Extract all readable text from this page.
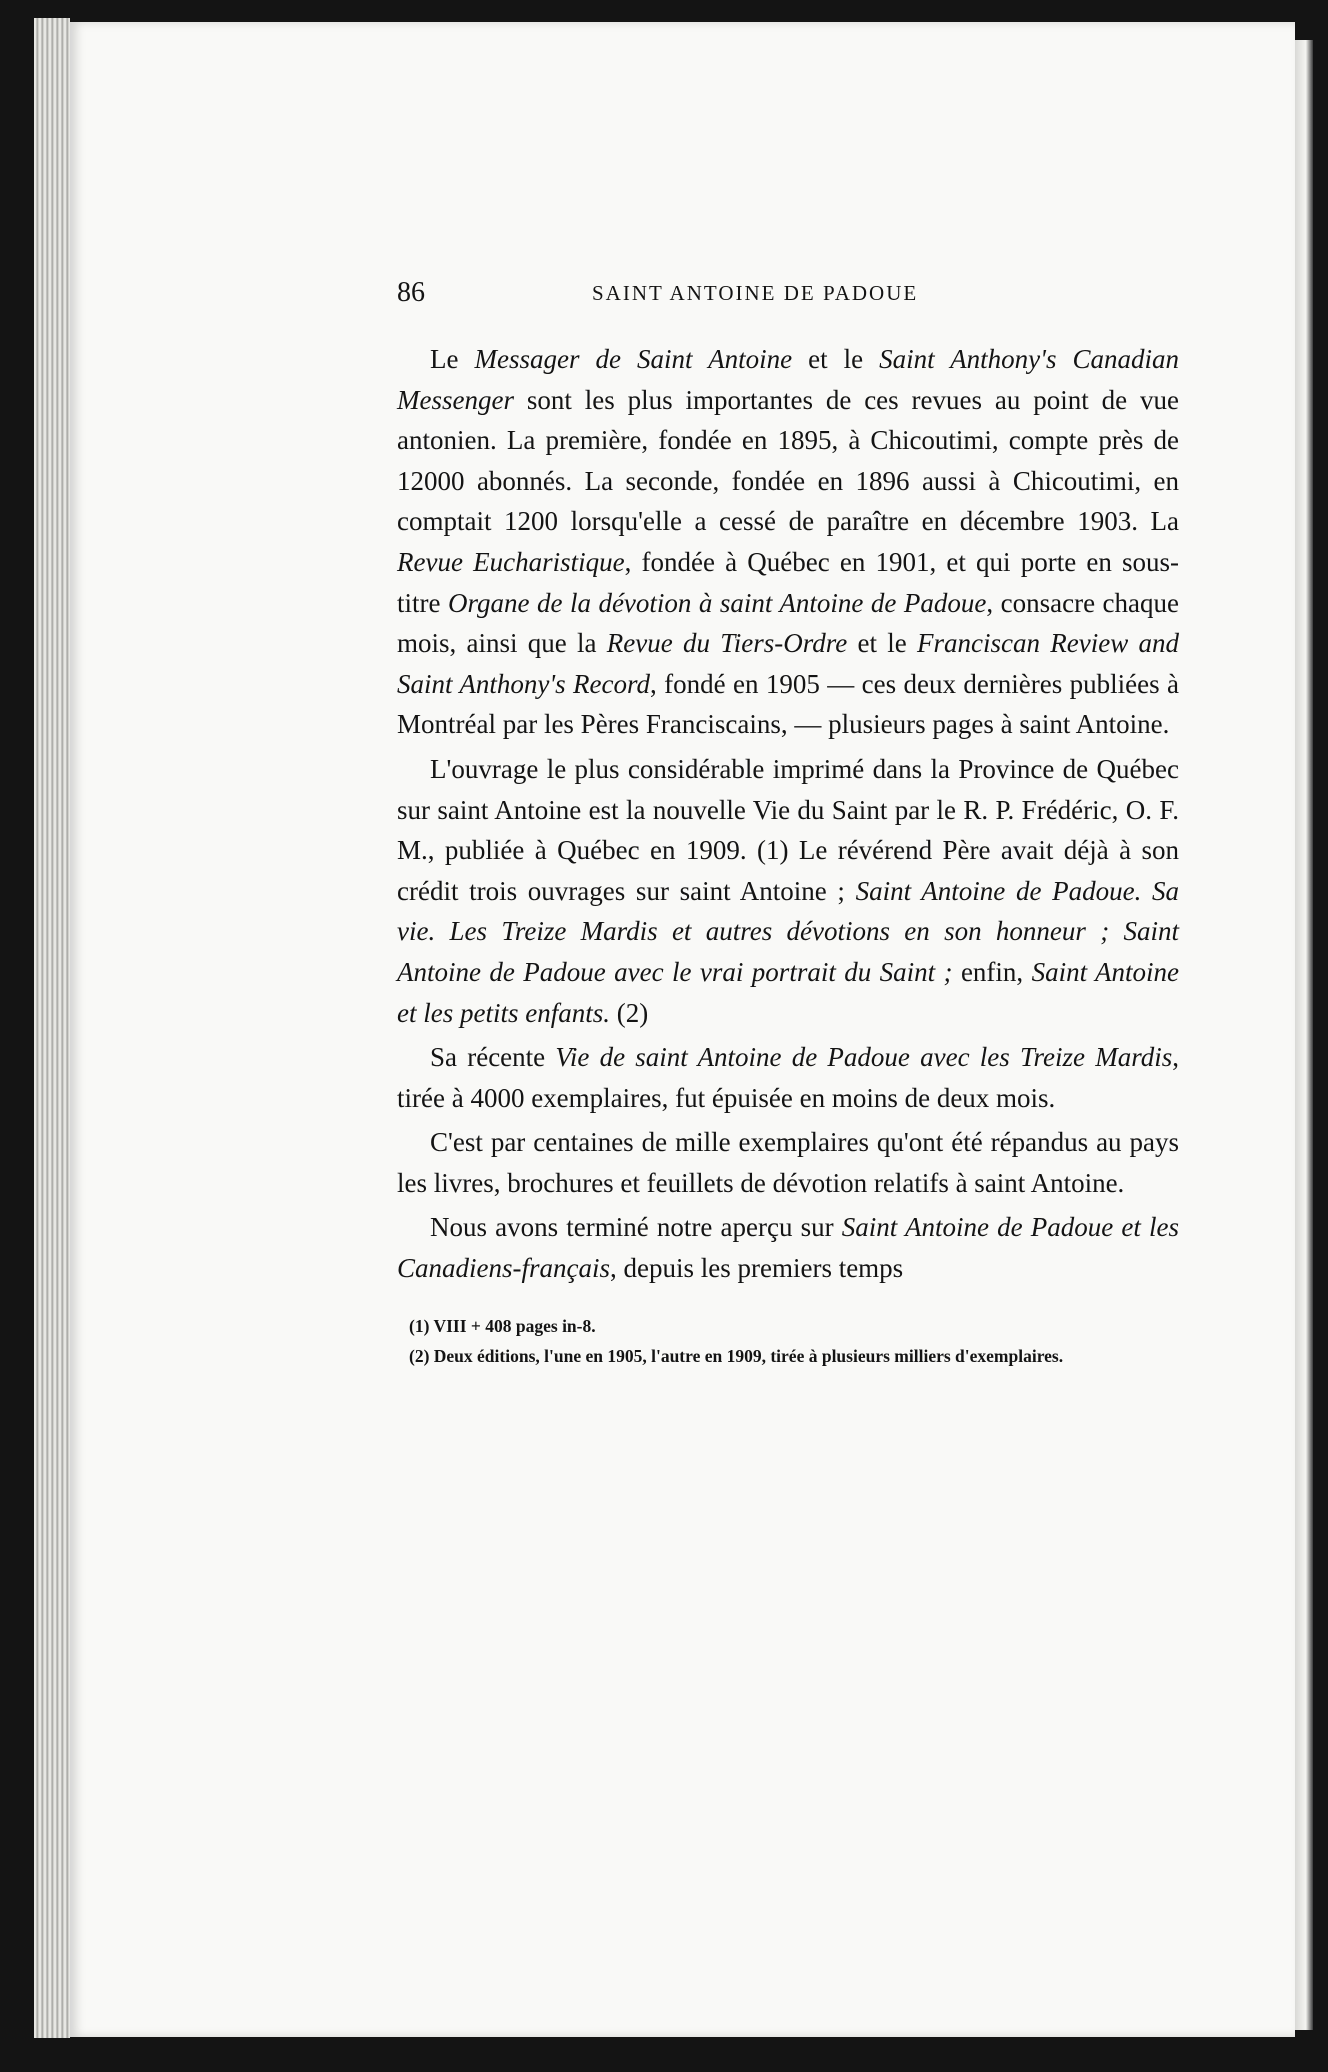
86	SAINT ANTOINE DE PADOUE

Le Messager de Saint Antoine et le Saint Anthony's Canadian Messenger sont les plus importantes de ces revues au point de vue antonien. La première, fondée en 1895, à Chicoutimi, compte près de 12000 abonnés. La seconde, fondée en 1896 aussi à Chicoutimi, en comptait 1200 lorsqu'elle a cessé de paraître en décembre 1903. La Revue Eucharistique, fondée à Québec en 1901, et qui porte en sous-titre Organe de la dévotion à saint Antoine de Padoue, consacre chaque mois, ainsi que la Revue du Tiers-Ordre et le Franciscan Review and Saint Anthony's Record, fondé en 1905 — ces deux dernières publiées à Montréal par les Pères Franciscains, — plusieurs pages à saint Antoine.

L'ouvrage le plus considérable imprimé dans la Province de Québec sur saint Antoine est la nouvelle Vie du Saint par le R. P. Frédéric, O. F. M., publiée à Québec en 1909. (1) Le révérend Père avait déjà à son crédit trois ouvrages sur saint Antoine ; Saint Antoine de Padoue. Sa vie. Les Treize Mardis et autres dévotions en son honneur ; Saint Antoine de Padoue avec le vrai portrait du Saint ; enfin, Saint Antoine et les petits enfants. (2)

Sa récente Vie de saint Antoine de Padoue avec les Treize Mardis, tirée à 4000 exemplaires, fut épuisée en moins de deux mois.

C'est par centaines de mille exemplaires qu'ont été répandus au pays les livres, brochures et feuillets de dévotion relatifs à saint Antoine.

Nous avons terminé notre aperçu sur Saint Antoine de Padoue et les Canadiens-français, depuis les premiers temps

(1) VIII + 408 pages in-8.

(2) Deux éditions, l'une en 1905, l'autre en 1909, tirée à plusieurs milliers d'exemplaires.
